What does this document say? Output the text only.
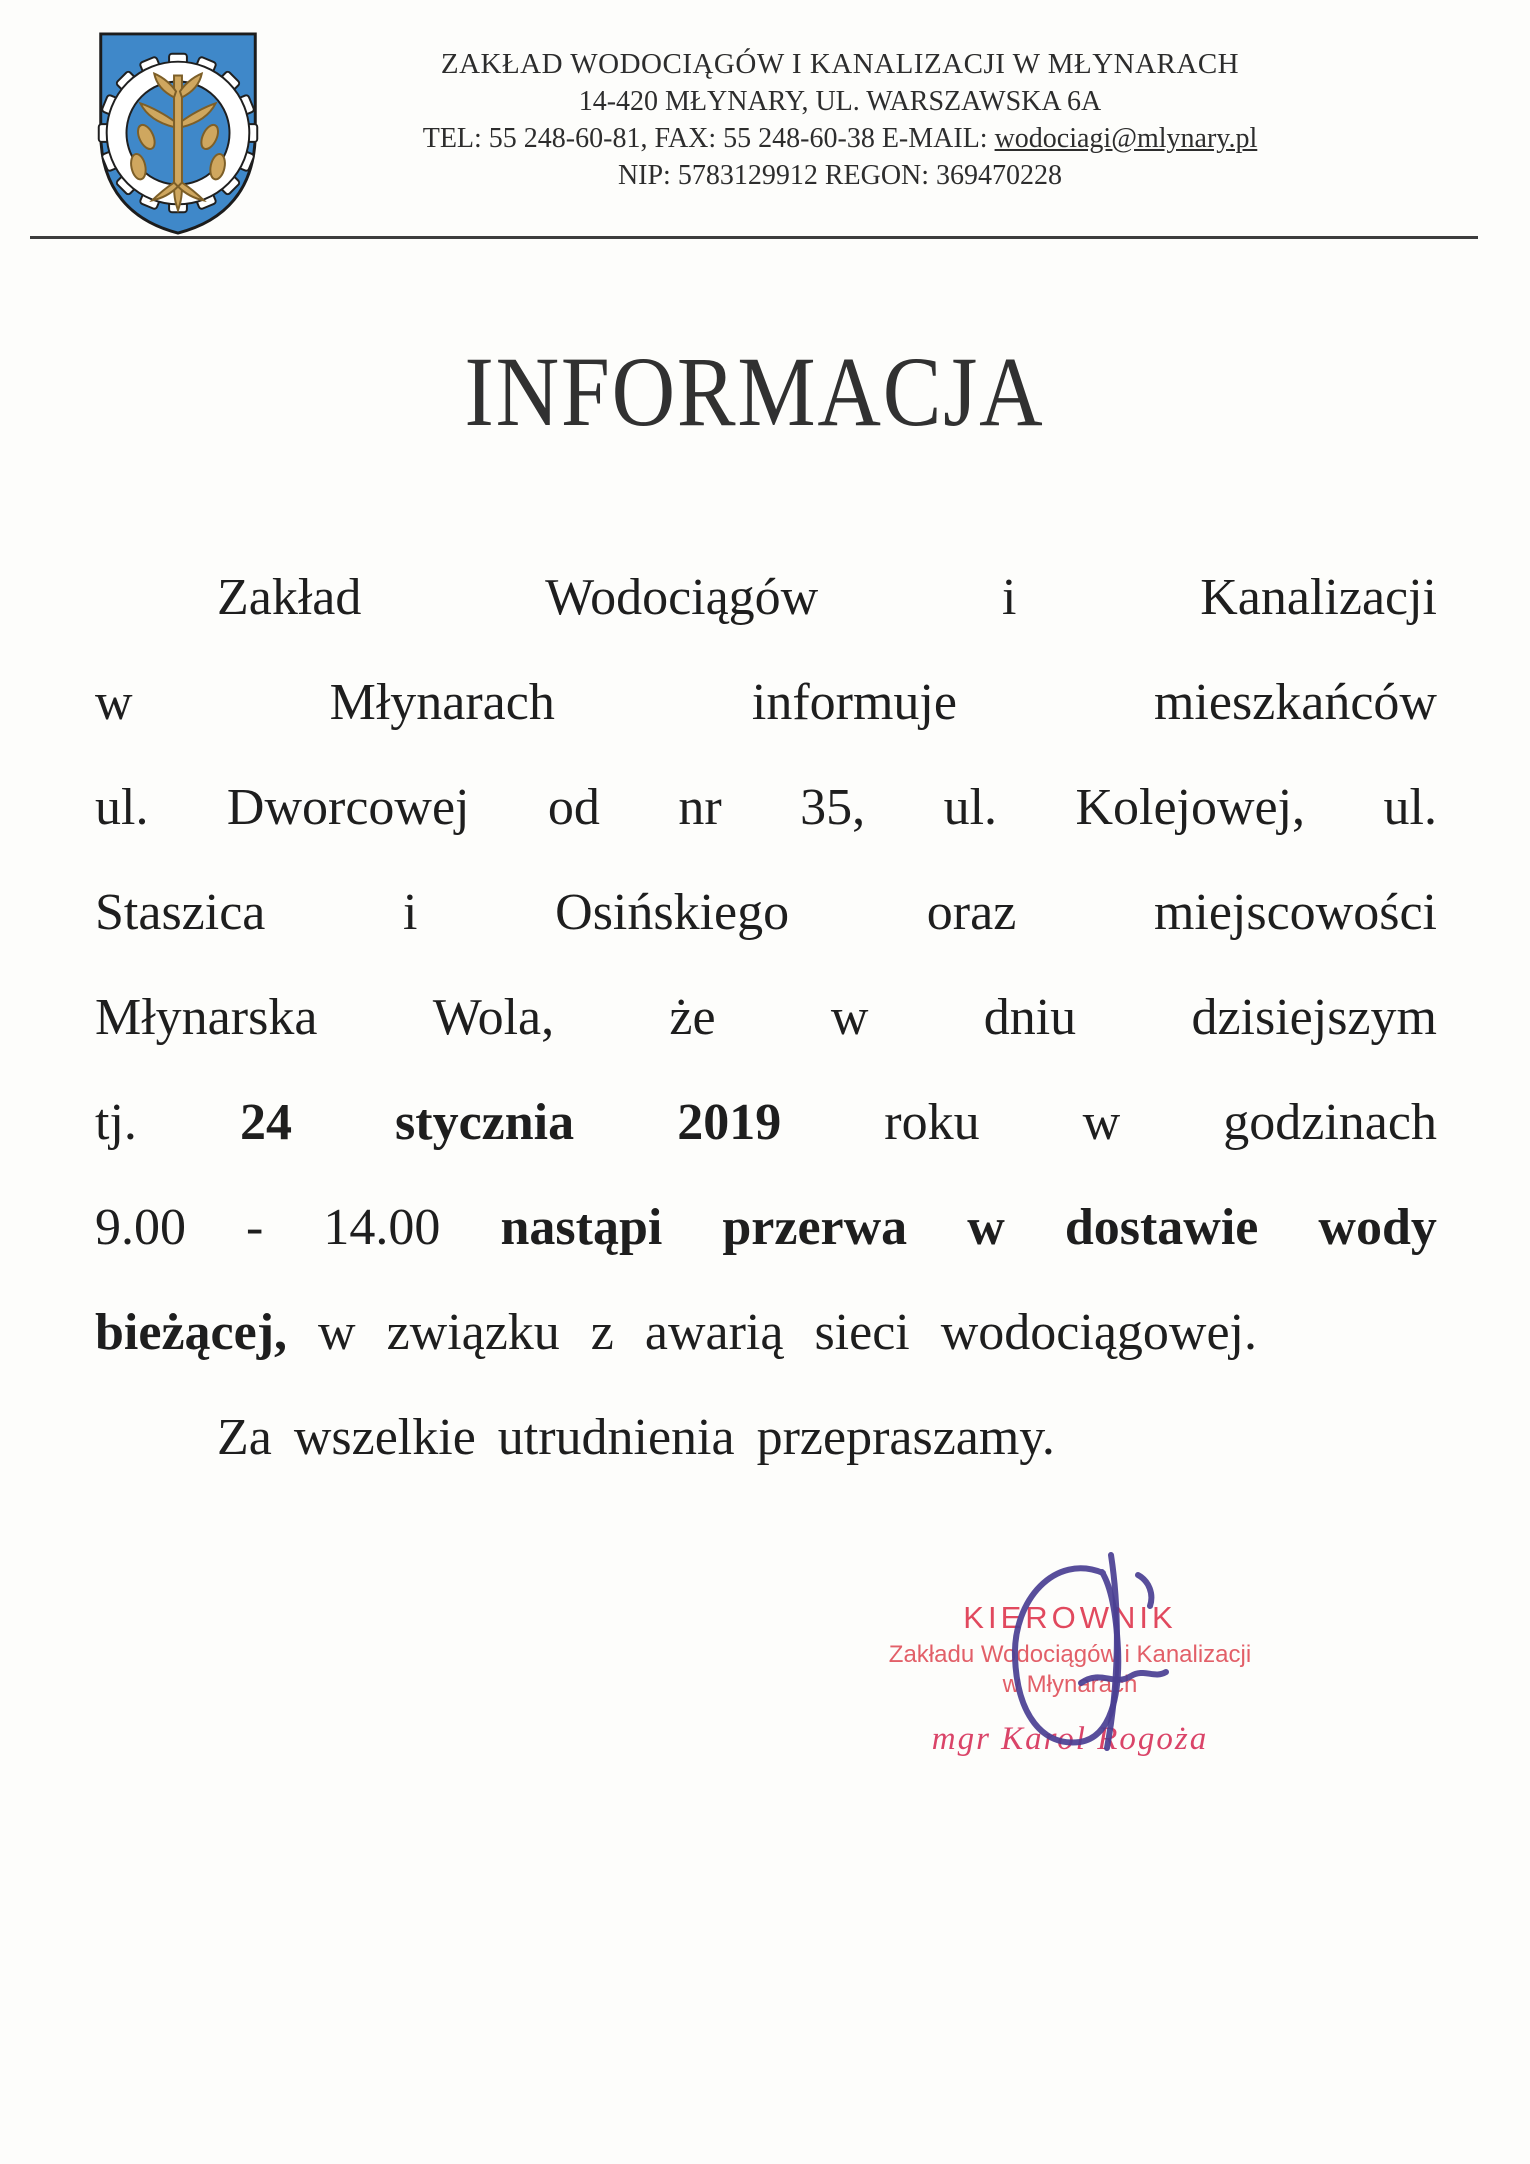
ZAKŁAD WODOCIĄGÓW I KANALIZACJI W MŁYNARACH
14-420 MŁYNARY, UL. WARSZAWSKA 6A
TEL: 55 248-60-81, FAX: 55 248-60-38 E-MAIL: wodociagi@mlynary.pl
NIP: 5783129912 REGON: 369470228
INFORMACJA
Zakład	Wodociągów	i	Kanalizacji
w	Młynarach	informuje	mieszkańców
ul. Dworcowej od nr 35, ul. Kolejowej, ul.
Staszica	i	Osińskiego	oraz	miejscowości
Młynarska Wola, że w dniu dzisiejszym
tj. 24 stycznia 2019 roku w godzinach
9.00 - 14.00 nastąpi przerwa w dostawie wody
bieżącej, w związku z awarią sieci wodociągowej.
Za wszelkie utrudnienia przepraszamy.
KIEROWNIK
Zakładu Wodociągów i Kanalizacji
w Młynarach
mgr Karol Rogoża
